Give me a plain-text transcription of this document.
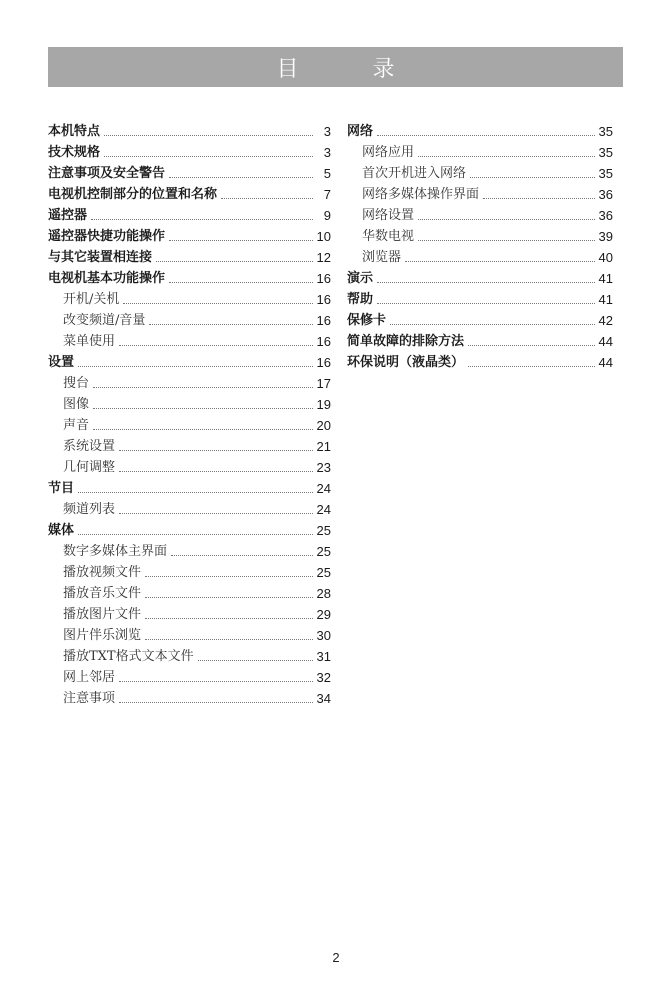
目　录
本机特点	3
技术规格	3
注意事项及安全警告	5
电视机控制部分的位置和名称	7
遥控器	9
遥控器快捷功能操作	10
与其它装置相连接	12
电视机基本功能操作	16
开机/关机	16
改变频道/音量	16
菜单使用	16
设置	16
搜台	17
图像	19
声音	20
系统设置	21
几何调整	23
节目	24
频道列表	24
媒体	25
数字多媒体主界面	25
播放视频文件	25
播放音乐文件	28
播放图片文件	29
图片伴乐浏览	30
播放TXT格式文本文件	31
网上邻居	32
注意事项	34
网络	35
网络应用	35
首次开机进入网络	35
网络多媒体操作界面	36
网络设置	36
华数电视	39
浏览器	40
演示	41
帮助	41
保修卡	42
简单故障的排除方法	44
环保说明（液晶类）	44
2
